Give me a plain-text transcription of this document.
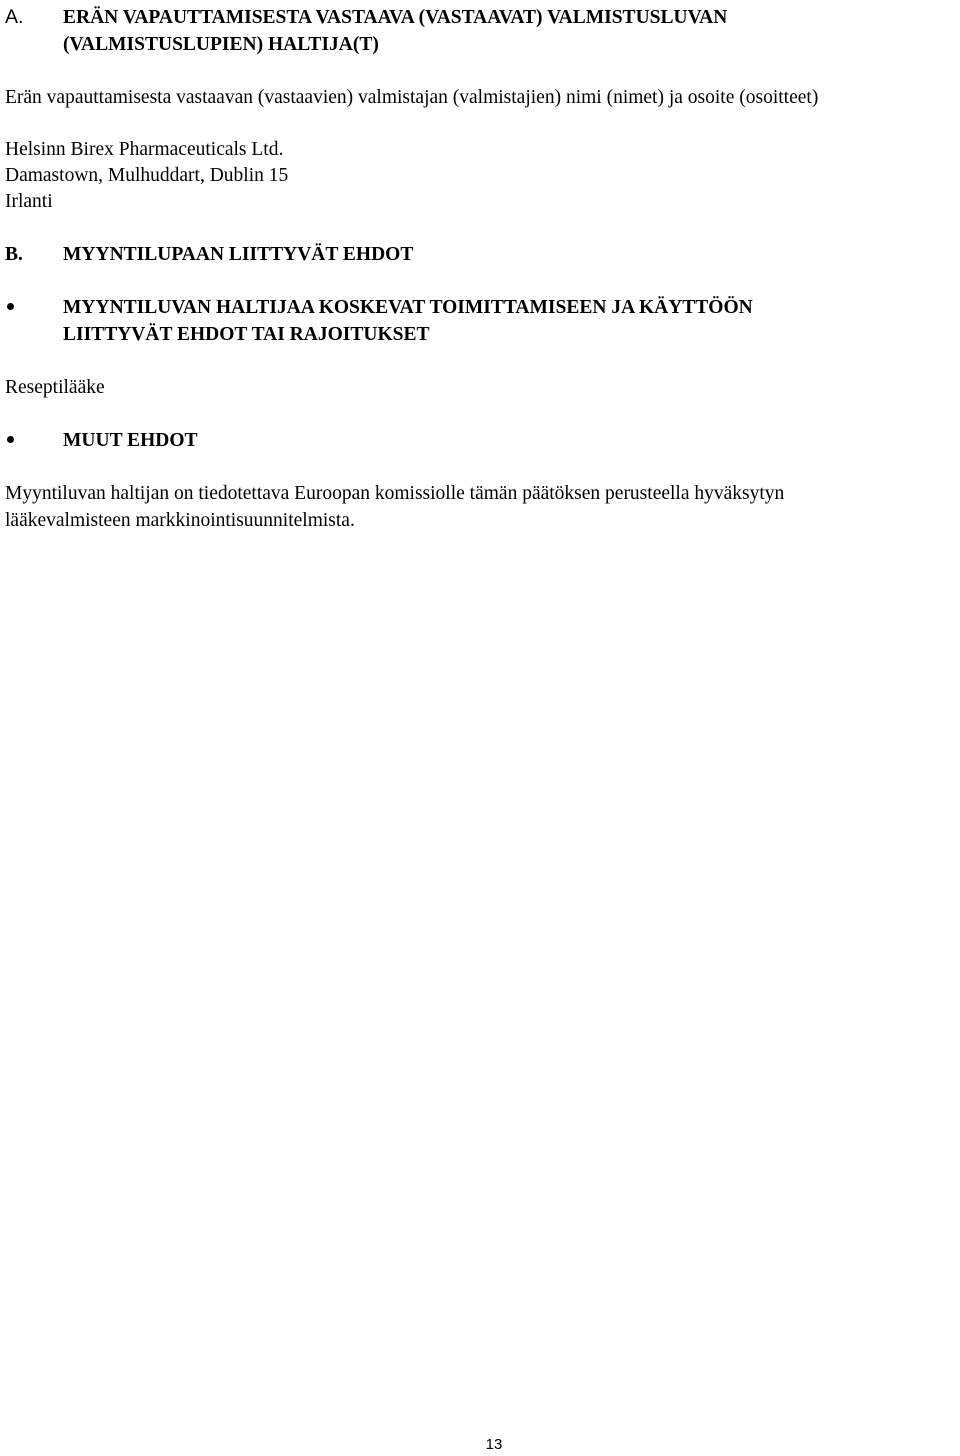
A. ERÄN VAPAUTTAMISESTA VASTAAVA (VASTAAVAT) VALMISTUSLUVAN
(VALMISTUSLUPIEN) HALTIJA(T)

Erän vapauttamisesta vastaavan (vastaavien) valmistajan (valmistajien) nimi (nimet) ja osoite (osoitteet)

Helsinn Birex Pharmaceuticals Ltd.

Damastown, Mulhuddart, Dublin 15

Irlanti

B. MYYNTILUPAAN LIITTYVÄT EHDOT
MYYNTILUVAN HALTIJAA KOSKEVAT TOIMITTAMISEEN JA KÄYTTÖÖN
LIITTYVÄT EHDOT TAI RAJOITUKSET

Reseptilääke

MUUT EHDOT

Myyntiluvan haltijan on tiedotettava Euroopan komissiolle tämän päätöksen perusteella hyväksytyn

lääkevalmisteen markkinointisuunnitelmista.

13
